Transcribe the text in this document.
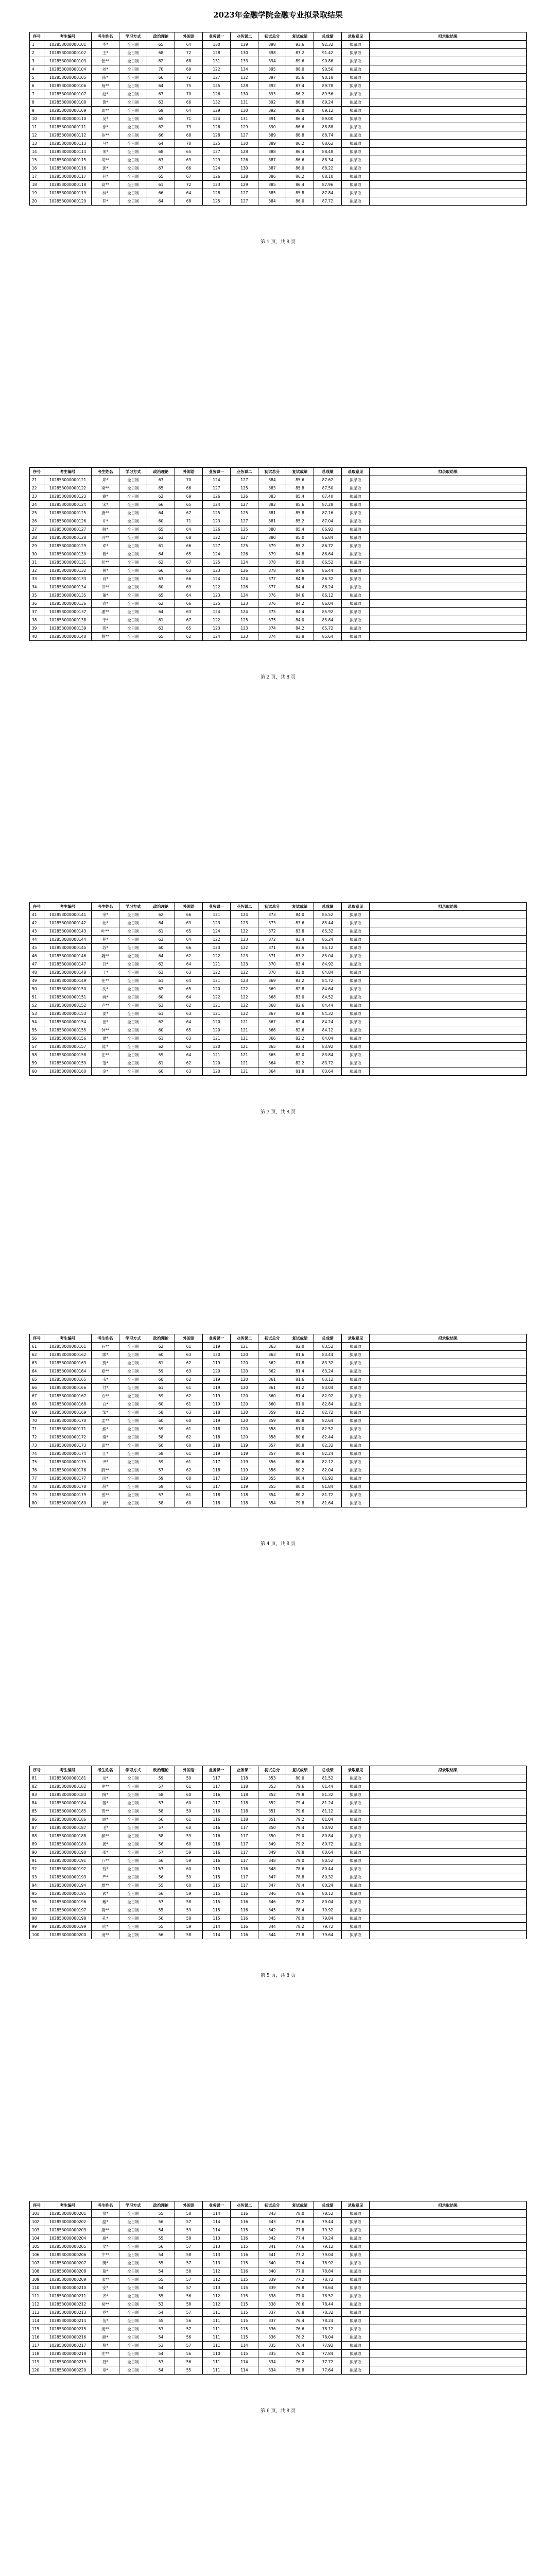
2023年金融学院金融专业拟录取结果
序号	考生编号	考生姓名	学习方式	政治理论	外国语	业务课一	业务课二	初试总分	复试成绩	总成绩	录取意见	拟录取结果
1	102853000000101	李*	全日制	65	64	130	139	398	93.6	92.32	拟录取	
2	102853000000102	王*	全日制	68	72	128	130	398	87.2	91.42	拟录取	
3	102853000000103	张**	全日制	62	68	131	133	394	89.6	90.86	拟录取	
4	102853000000104	刘*	全日制	70	69	122	134	395	88.0	90.56	拟录取	
5	102853000000105	陈*	全日制	66	72	127	132	397	85.6	90.18	拟录取	
6	102853000000106	杨**	全日制	64	75	125	128	392	87.4	89.78	拟录取	
7	102853000000107	赵*	全日制	67	70	126	130	393	86.2	89.56	拟录取	
8	102853000000108	黄*	全日制	63	66	132	131	392	86.8	89.24	拟录取	
9	102853000000109	周**	全日制	69	64	129	130	392	86.0	89.12	拟录取	
10	102853000000110	吴*	全日制	65	71	124	131	391	86.4	89.00	拟录取	
11	102853000000111	徐*	全日制	62	73	126	129	390	86.6	88.88	拟录取	
12	102853000000112	孙**	全日制	66	68	128	127	389	86.8	88.74	拟录取	
13	102853000000113	马*	全日制	64	70	125	130	389	86.2	88.62	拟录取	
14	102853000000114	朱*	全日制	68	65	127	128	388	86.4	88.48	拟录取	
15	102853000000115	胡**	全日制	63	69	129	126	387	86.6	88.34	拟录取	
16	102853000000116	郭*	全日制	67	66	124	130	387	86.0	88.22	拟录取	
17	102853000000117	何*	全日制	65	67	126	128	386	86.2	88.10	拟录取	
18	102853000000118	高**	全日制	61	72	123	129	385	86.4	87.96	拟录取	
19	102853000000119	林*	全日制	66	64	128	127	385	85.8	87.84	拟录取	
20	102853000000120	罗*	全日制	64	68	125	127	384	86.0	87.72	拟录取	
第 1 页，共 8 页
序号	考生编号	考生姓名	学习方式	政治理论	外国语	业务课一	业务课二	初试总分	复试成绩	总成绩	录取意见	拟录取结果
21	102853000000121	郑*	全日制	63	70	124	127	384	85.6	87.62	拟录取	
22	102853000000122	梁**	全日制	65	66	127	125	383	85.8	87.50	拟录取	
23	102853000000123	谢*	全日制	62	69	126	126	383	85.4	87.40	拟录取	
24	102853000000124	宋*	全日制	66	65	124	127	382	85.6	87.28	拟录取	
25	102853000000125	唐**	全日制	64	67	125	125	381	85.8	87.16	拟录取	
26	102853000000126	许*	全日制	60	71	123	127	381	85.2	87.04	拟录取	
27	102853000000127	韩*	全日制	65	64	126	125	380	85.4	86.92	拟录取	
28	102853000000128	冯**	全日制	63	68	122	127	380	85.0	86.84	拟录取	
29	102853000000129	邓*	全日制	61	66	127	125	379	85.2	86.72	拟录取	
30	102853000000130	曹*	全日制	64	65	124	126	379	84.8	86.64	拟录取	
31	102853000000131	彭**	全日制	62	67	125	124	378	85.0	86.52	拟录取	
32	102853000000132	曾*	全日制	66	63	123	126	378	84.6	86.44	拟录取	
33	102853000000133	肖*	全日制	63	66	124	124	377	84.8	86.32	拟录取	
34	102853000000134	田**	全日制	60	69	122	126	377	84.4	86.24	拟录取	
35	102853000000135	董*	全日制	65	64	123	124	376	84.6	86.12	拟录取	
36	102853000000136	袁*	全日制	62	66	125	123	376	84.2	86.04	拟录取	
37	102853000000137	潘**	全日制	64	63	124	124	375	84.4	85.92	拟录取	
38	102853000000138	于*	全日制	61	67	122	125	375	84.0	85.84	拟录取	
39	102853000000139	蒋*	全日制	63	65	123	123	374	84.2	85.72	拟录取	
40	102853000000140	蔡**	全日制	65	62	124	123	374	83.8	85.64	拟录取	
第 2 页，共 8 页
序号	考生编号	考生姓名	学习方式	政治理论	外国语	业务课一	业务课二	初试总分	复试成绩	总成绩	录取意见	拟录取结果
41	102853000000141	余*	全日制	62	66	121	124	373	84.0	85.52	拟录取	
42	102853000000142	杜*	全日制	64	63	123	123	373	83.6	85.44	拟录取	
43	102853000000143	叶**	全日制	61	65	124	122	372	83.8	85.32	拟录取	
44	102853000000144	程*	全日制	63	64	122	123	372	83.4	85.24	拟录取	
45	102853000000145	苏*	全日制	60	66	123	122	371	83.6	85.12	拟录取	
46	102853000000146	魏**	全日制	64	62	122	123	371	83.2	85.04	拟录取	
47	102853000000147	吕*	全日制	62	64	121	123	370	83.4	84.92	拟录取	
48	102853000000148	丁*	全日制	63	63	122	122	370	83.0	84.84	拟录取	
49	102853000000149	任**	全日制	61	64	121	123	369	83.2	84.72	拟录取	
50	102853000000150	沈*	全日制	62	65	120	122	369	82.8	84.64	拟录取	
51	102853000000151	姚*	全日制	60	64	122	122	368	83.0	84.52	拟录取	
52	102853000000152	卢**	全日制	63	62	121	122	368	82.6	84.44	拟录取	
53	102853000000153	姜*	全日制	61	63	121	122	367	82.8	84.32	拟录取	
54	102853000000154	崔*	全日制	62	64	120	121	367	82.4	84.24	拟录取	
55	102853000000155	钟**	全日制	60	65	120	121	366	82.6	84.12	拟录取	
56	102853000000156	谭*	全日制	61	63	121	121	366	82.2	84.04	拟录取	
57	102853000000157	陆*	全日制	62	62	120	121	365	82.4	83.92	拟录取	
58	102853000000158	汪**	全日制	59	64	121	121	365	82.0	83.84	拟录取	
59	102853000000159	范*	全日制	61	62	120	121	364	82.2	83.72	拟录取	
60	102853000000160	金*	全日制	60	63	120	121	364	81.8	83.64	拟录取	
第 3 页，共 8 页
序号	考生编号	考生姓名	学习方式	政治理论	外国语	业务课一	业务课二	初试总分	复试成绩	总成绩	录取意见	拟录取结果
61	102853000000161	石**	全日制	62	61	119	121	363	82.0	83.52	拟录取	
62	102853000000162	廖*	全日制	60	63	120	120	363	81.6	83.44	拟录取	
63	102853000000163	贾*	全日制	61	62	119	120	362	81.8	83.32	拟录取	
64	102853000000164	夏**	全日制	59	63	120	120	362	81.4	83.24	拟录取	
65	102853000000165	韦*	全日制	60	62	119	120	361	81.6	83.12	拟录取	
66	102853000000166	付*	全日制	61	61	119	120	361	81.2	83.04	拟录取	
67	102853000000167	方**	全日制	59	62	119	120	360	81.4	82.92	拟录取	
68	102853000000168	白*	全日制	60	61	119	120	360	81.0	82.84	拟录取	
69	102853000000169	邹*	全日制	58	63	118	120	359	81.2	82.72	拟录取	
70	102853000000170	孟**	全日制	60	60	119	120	359	80.8	82.64	拟录取	
71	102853000000171	熊*	全日制	59	61	118	120	358	81.0	82.52	拟录取	
72	102853000000172	秦*	全日制	58	62	118	120	358	80.6	82.44	拟录取	
73	102853000000173	邱**	全日制	60	60	118	119	357	80.8	82.32	拟录取	
74	102853000000174	江*	全日制	58	61	119	119	357	80.4	82.24	拟录取	
75	102853000000175	尹*	全日制	59	61	117	119	356	80.6	82.12	拟录取	
76	102853000000176	薛**	全日制	57	62	118	119	356	80.2	82.04	拟录取	
77	102853000000177	闫*	全日制	59	60	117	119	355	80.4	81.92	拟录取	
78	102853000000178	段*	全日制	58	61	117	119	355	80.0	81.84	拟录取	
79	102853000000179	雷**	全日制	57	61	118	118	354	80.2	81.72	拟录取	
80	102853000000180	侯*	全日制	58	60	118	118	354	79.8	81.64	拟录取	
第 4 页，共 8 页
序号	考生编号	考生姓名	学习方式	政治理论	外国语	业务课一	业务课二	初试总分	复试成绩	总成绩	录取意见	拟录取结果
81	102853000000181	龙*	全日制	59	59	117	118	353	80.0	81.52	拟录取	
82	102853000000182	史**	全日制	57	61	117	118	353	79.6	81.44	拟录取	
83	102853000000183	陶*	全日制	58	60	116	118	352	79.8	81.32	拟录取	
84	102853000000184	黎*	全日制	57	60	117	118	352	79.4	81.24	拟录取	
85	102853000000185	贺**	全日制	58	59	116	118	351	79.6	81.12	拟录取	
86	102853000000186	顾*	全日制	56	61	116	118	351	79.2	81.04	拟录取	
87	102853000000187	毛*	全日制	57	60	116	117	350	79.4	80.92	拟录取	
88	102853000000188	郝**	全日制	58	59	116	117	350	79.0	80.84	拟录取	
89	102853000000189	龚*	全日制	56	60	116	117	349	79.2	80.72	拟录取	
90	102853000000190	邵*	全日制	57	59	116	117	349	78.8	80.64	拟录取	
91	102853000000191	万**	全日制	56	59	116	117	348	79.0	80.52	拟录取	
92	102853000000192	钱*	全日制	57	60	115	116	348	78.6	80.44	拟录取	
93	102853000000193	严*	全日制	56	59	115	117	347	78.8	80.32	拟录取	
94	102853000000194	覃**	全日制	55	60	115	117	347	78.4	80.24	拟录取	
95	102853000000195	武*	全日制	56	59	115	116	346	78.6	80.12	拟录取	
96	102853000000196	戴*	全日制	57	58	115	116	346	78.2	80.04	拟录取	
97	102853000000197	莫**	全日制	55	59	115	116	345	78.4	79.92	拟录取	
98	102853000000198	孔*	全日制	56	58	115	116	345	78.0	79.84	拟录取	
99	102853000000199	向*	全日制	55	59	114	116	344	78.2	79.72	拟录取	
100	102853000000200	汤**	全日制	56	58	114	116	344	77.8	79.64	拟录取	
第 5 页，共 8 页
序号	考生编号	考生姓名	学习方式	政治理论	外国语	业务课一	业务课二	初试总分	复试成绩	总成绩	录取意见	拟录取结果
101	102853000000201	常*	全日制	55	58	114	116	343	78.0	79.52	拟录取	
102	102853000000202	温*	全日制	56	57	114	116	343	77.6	79.44	拟录取	
103	102853000000203	康**	全日制	54	59	114	115	342	77.8	79.32	拟录取	
104	102853000000204	施*	全日制	55	58	113	116	342	77.4	79.24	拟录取	
105	102853000000205	文*	全日制	56	57	113	115	341	77.6	79.12	拟录取	
106	102853000000206	牛**	全日制	54	58	113	116	341	77.2	79.04	拟录取	
107	102853000000207	樊*	全日制	55	57	113	115	340	77.4	78.92	拟录取	
108	102853000000208	葛*	全日制	54	58	112	116	340	77.0	78.84	拟录取	
109	102853000000209	邢**	全日制	55	57	112	115	339	77.2	78.72	拟录取	
110	102853000000210	安*	全日制	54	57	113	115	339	76.8	78.64	拟录取	
111	102853000000211	齐*	全日制	55	56	112	115	338	77.0	78.52	拟录取	
112	102853000000212	易**	全日制	53	58	112	115	338	76.6	78.44	拟录取	
113	102853000000213	乔*	全日制	54	57	111	115	337	76.8	78.32	拟录取	
114	102853000000214	伍*	全日制	55	56	111	115	337	76.4	78.24	拟录取	
115	102853000000215	庞**	全日制	53	57	111	115	336	76.6	78.12	拟录取	
116	102853000000216	颜*	全日制	54	56	111	115	336	76.2	78.04	拟录取	
117	102853000000217	倪*	全日制	53	57	111	114	335	76.4	77.92	拟录取	
118	102853000000218	庄**	全日制	54	56	110	115	335	76.0	77.84	拟录取	
119	102853000000219	聂*	全日制	53	56	111	114	334	76.2	77.72	拟录取	
120	102853000000220	章*	全日制	54	55	111	114	334	75.8	77.64	拟录取	
第 6 页，共 8 页
